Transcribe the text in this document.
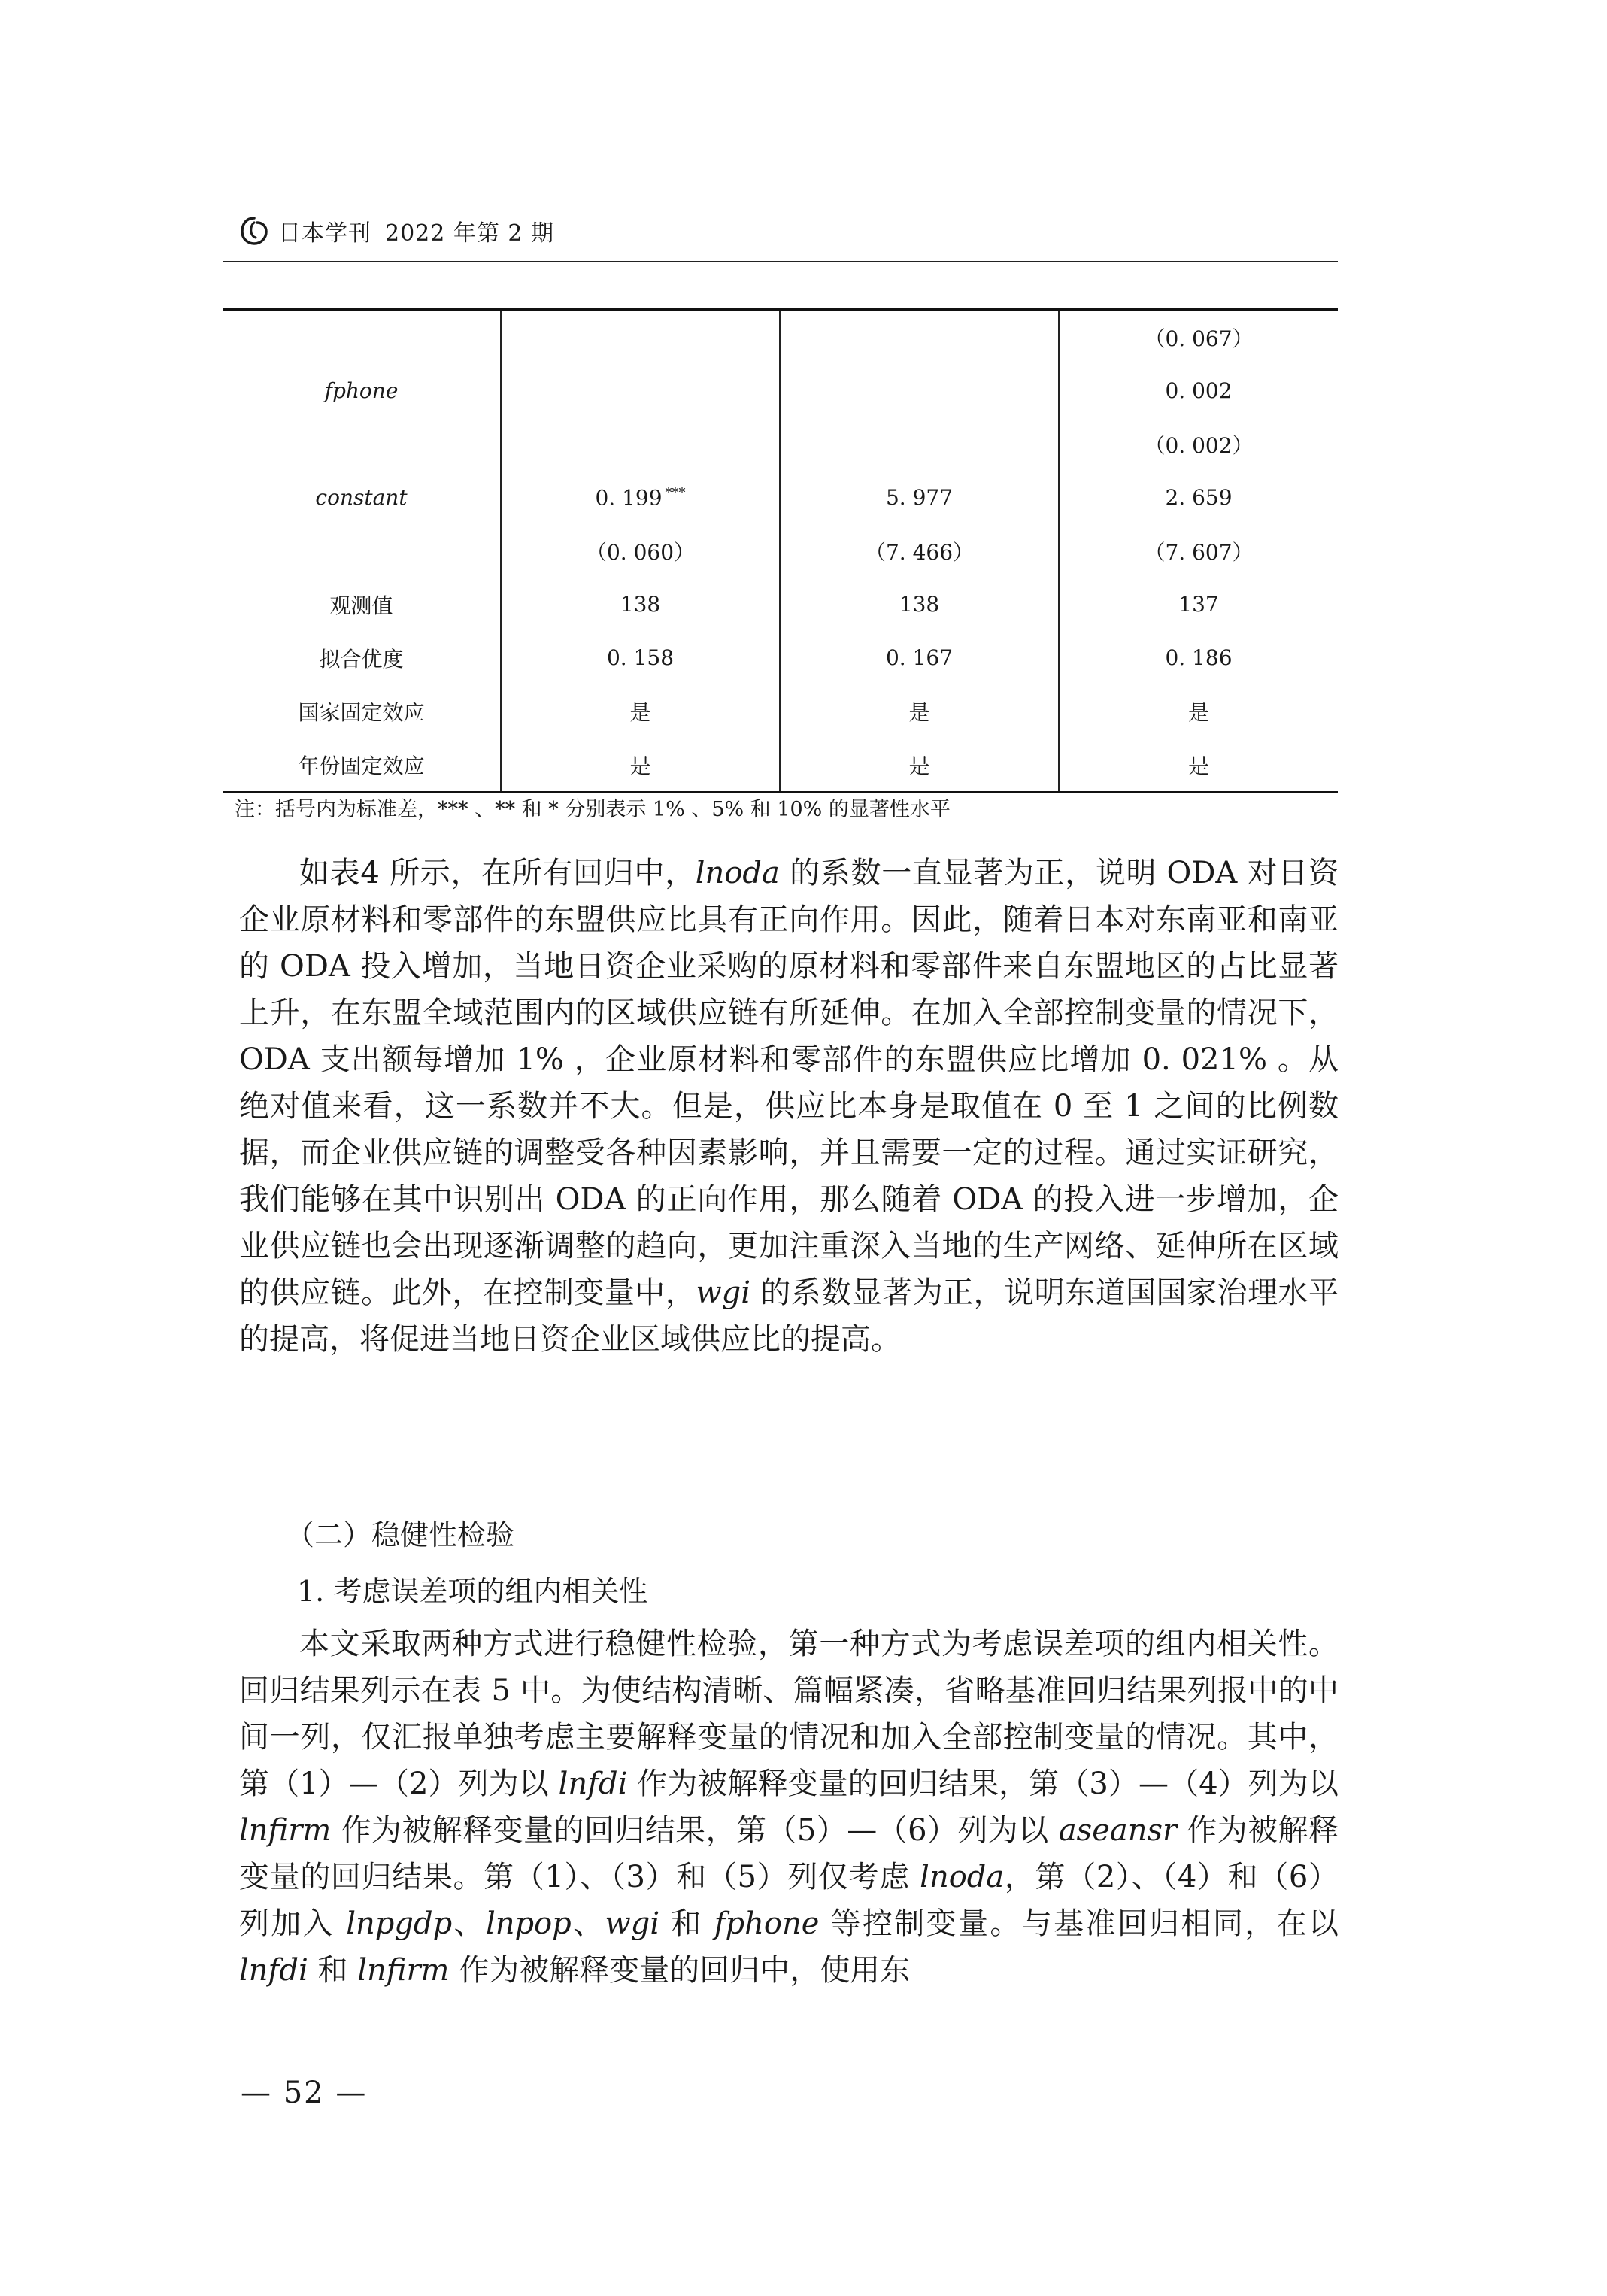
日本学刊 2022 年第 2 期

			（0. 067）
fphone			0. 002
			（0. 002）
constant	0. 199 ***	5. 977	2. 659
	（0. 060）	（7. 466）	（7. 607）
观测值	138	138	137
拟合优度	0. 158	0. 167	0. 186
国家固定效应	是	是	是
年份固定效应	是	是	是
注：括号内为标准差，*** 、** 和 * 分别表示 1% 、5% 和 10% 的显著性水平

如表4 所示，在所有回归中，lnoda 的系数一直显著为正，说明 ODA 对日资企业原材料和零部件的东盟供应比具有正向作用。因此，随着日本对东南亚和南亚的 ODA 投入增加，当地日资企业采购的原材料和零部件来自东盟地区的占比显著上升，在东盟全域范围内的区域供应链有所延伸。在加入全部控制变量的情况下，ODA 支出额每增加 1% ，企业原材料和零部件的东盟供应比增加 0. 021% 。从绝对值来看，这一系数并不大。但是，供应比本身是取值在 0 至 1 之间的比例数据，而企业供应链的调整受各种因素影响，并且需要一定的过程。通过实证研究，我们能够在其中识别出 ODA 的正向作用，那么随着 ODA 的投入进一步增加，企业供应链也会出现逐渐调整的趋向，更加注重深入当地的生产网络、延伸所在区域的供应链。此外，在控制变量中，wgi 的系数显著为正，说明东道国国家治理水平的提高，将促进当地日资企业区域供应比的提高。

（二）稳健性检验
1. 考虑误差项的组内相关性

本文采取两种方式进行稳健性检验，第一种方式为考虑误差项的组内相关性。回归结果列示在表 5 中。为使结构清晰、篇幅紧凑，省略基准回归结果列报中的中间一列，仅汇报单独考虑主要解释变量的情况和加入全部控制变量的情况。其中，第（1）—（2）列为以 lnfdi 作为被解释变量的回归结果，第（3）—（4）列为以 lnfirm 作为被解释变量的回归结果，第（5）—（6）列为以 aseansr 作为被解释变量的回归结果。第（1）、（3）和（5）列仅考虑 lnoda，第（2）、（4）和（6）列加入 lnpgdp、lnpop、wgi 和 fphone 等控制变量。与基准回归相同，在以 lnfdi 和 lnfirm 作为被解释变量的回归中，使用东

— 52 —
